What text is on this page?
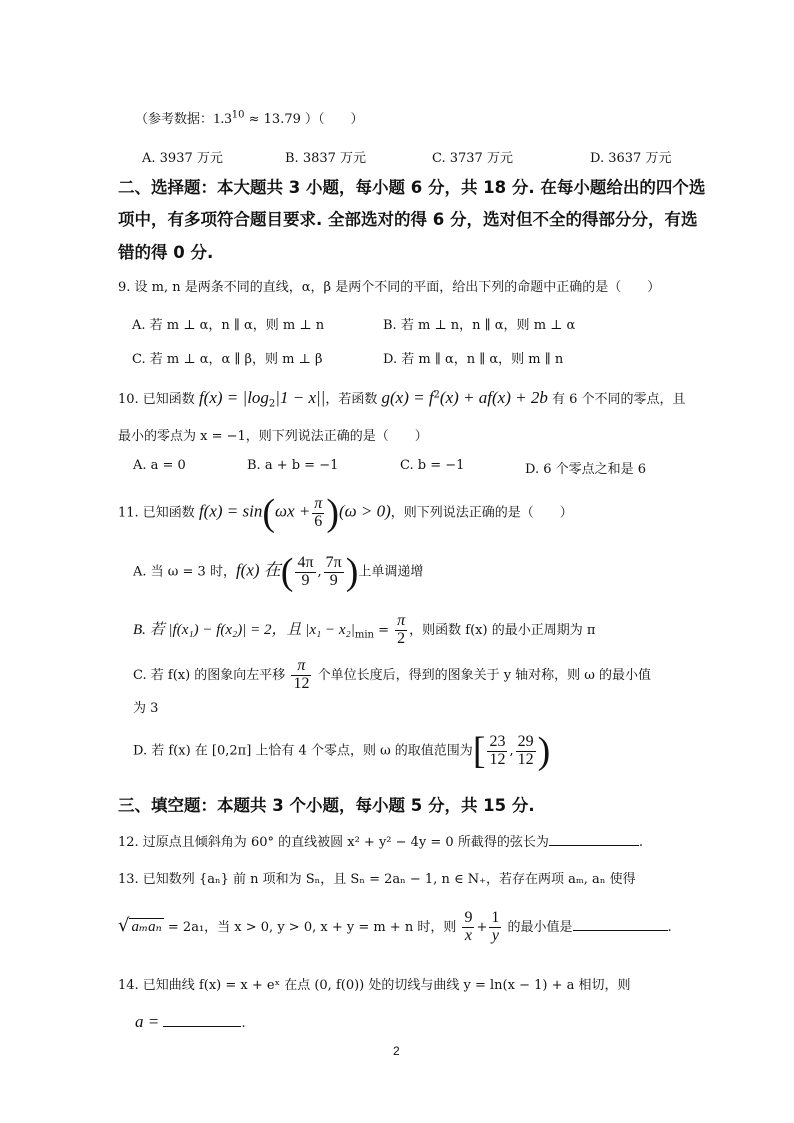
（参考数据：$1.3^{10} \approx 13.79$ ）（　　）
A. 3937 万元	B. 3837 万元	C. 3737 万元	D. 3637 万元
二、选择题：本大题共 3 小题，每小题 6 分，共 18 分. 在每小题给出的四个选
项中，有多项符合题目要求. 全部选对的得 6 分，选对但不全的得部分分，有选
错的得 0 分.
9. 设 m, n 是两条不同的直线，α，β 是两个不同的平面，给出下列的命题中正确的是（　　）
A. 若 m ⊥ α，n ∥ α，则 m ⊥ n	B. 若 m ⊥ n，n ∥ α，则 m ⊥ α
C. 若 m ⊥ α，α ∥ β，则 m ⊥ β	D. 若 m ∥ α，n ∥ α，则 m ∥ n
10. 已知函数 $f(x) = |\log_2|1 - x||$，若函数 $g(x) = f^2(x) + af(x) + 2b$ 有 6 个不同的零点，且
最小的零点为 x = −1，则下列说法正确的是（　　）
A. a = 0	B. a + b = −1	C. b = −1	D. 6 个零点之和是 6
11. 已知函数 $f(x) = \sin(\omega x + \frac{\pi}{6} )(\omega > 0)$，则下列说法正确的是（　　）
A. 当 ω = 3 时，f(x) 在( $\frac{4\pi}{9}$ , $\frac{7\pi}{9}$ )上单调递增
B. 若 |f(x₁) − f(x₂)| = 2，且 $|x_1 - x_2|_{min} = \frac{\pi}{2}$ ，则函数 f(x) 的最小正周期为 π
C. 若 f(x) 的图象向左平移 $\frac{\pi}{12}$ 个单位长度后，得到的图象关于 y 轴对称，则 ω 的最小值
为 3
D. 若 f(x) 在 [0,2π] 上恰有 4 个零点，则 ω 的取值范围为[ $\frac{23}{12}$ , $\frac{29}{12}$ )
三、填空题：本题共 3 个小题，每小题 5 分，共 15 分.
12. 过原点且倾斜角为 60° 的直线被圆 x² + y² − 4y = 0 所截得的弦长为	.
13. 已知数列 {aₙ} 前 n 项和为 Sₙ，且 Sₙ = 2aₙ − 1, n ∈ N₊，若存在两项 aₘ, aₙ 使得
√ aₘaₙ = 2a₁，当 x > 0, y > 0, x + y = m + n 时，则 $\frac{9}{x} + \frac{1}{y}$ 的最小值是	.
14. 已知曲线 f(x) = x + eˣ 在点 (0, f(0)) 处的切线与曲线 y = ln(x − 1) + a 相切，则
a =	.
2
